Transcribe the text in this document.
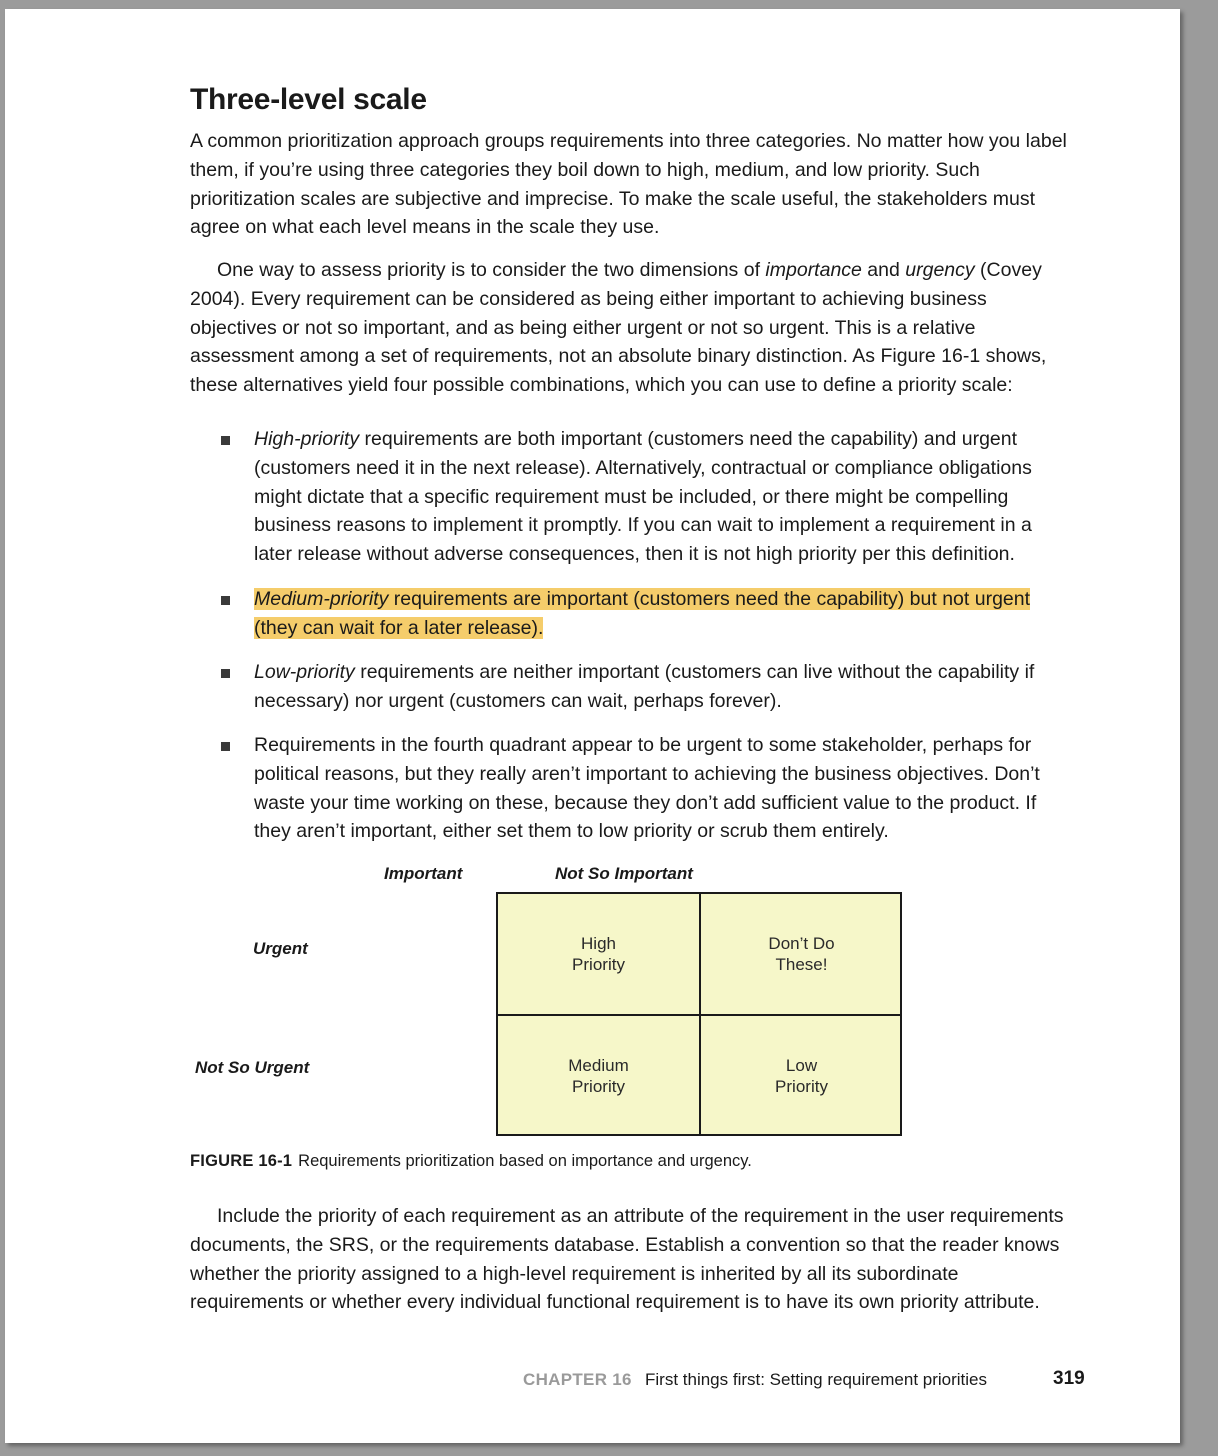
Three-level scale

A common prioritization approach groups requirements into three categories. No matter how you label them, if you’re using three categories they boil down to high, medium, and low priority. Such prioritization scales are subjective and imprecise. To make the scale useful, the stakeholders must agree on what each level means in the scale they use.

One way to assess priority is to consider the two dimensions of importance and urgency (Covey 2004). Every requirement can be considered as being either important to achieving business objectives or not so important, and as being either urgent or not so urgent. This is a relative assessment among a set of requirements, not an absolute binary distinction. As Figure 16-1 shows, these alternatives yield four possible combinations, which you can use to define a priority scale:

High-priority requirements are both important (customers need the capability) and urgent (customers need it in the next release). Alternatively, contractual or compliance obligations might dictate that a specific requirement must be included, or there might be compelling business reasons to implement it promptly. If you can wait to implement a requirement in a later release without adverse consequences, then it is not high priority per this definition.

Medium-priority requirements are important (customers need the capability) but not urgent (they can wait for a later release).

Low-priority requirements are neither important (customers can live without the capability if necessary) nor urgent (customers can wait, perhaps forever).

Requirements in the fourth quadrant appear to be urgent to some stakeholder, perhaps for political reasons, but they really aren’t important to achieving the business objectives. Don’t waste your time working on these, because they don’t add sufficient value to the product. If they aren’t important, either set them to low priority or scrub them entirely.

Important	Not So Important
Urgent
Not So Urgent
High
Priority
Don’t Do
These!
Medium
Priority
Low
Priority
FIGURE 16-1 Requirements prioritization based on importance and urgency.

Include the priority of each requirement as an attribute of the requirement in the user requirements documents, the SRS, or the requirements database. Establish a convention so that the reader knows whether the priority assigned to a high-level requirement is inherited by all its subordinate requirements or whether every individual functional requirement is to have its own priority attribute.

CHAPTER 16 First things first: Setting requirement priorities	319
